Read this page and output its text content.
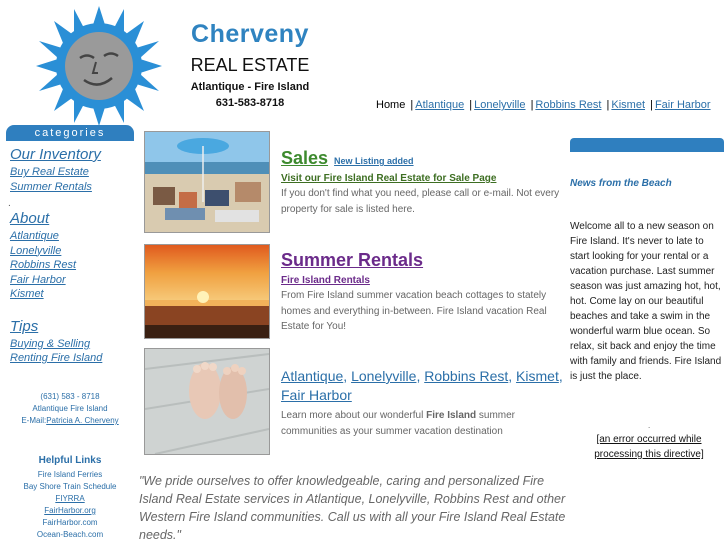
Cherveny
REAL ESTATE
Atlantique - Fire Island
631-583-8718	Home | Atlantique | Lonelyville | Robbins Rest | Kismet | Fair Harbor
categories
Our Inventory
Buy Real Estate
Summer Rentals
.
About
Atlantique
Lonelyville
Robbins Rest
Fair Harbor
Kismet
Tips
Buying & Selling
Renting Fire Island
(631) 583 - 8718
Atlantique Fire Island
E-Mail:Patricia A. Cherveny
Helpful Links
Fire Island Ferries
Bay Shore Train Schedule
FIYRRA
FairHarbor.org
FairHarbor.com
Ocean-Beach.com
Sales New Listing added
Visit our Fire Island Real Estate for Sale Page
If you don't find what you need, please call or e-mail. Not every property for sale is listed here.
Summer Rentals
Fire Island Rentals
From Fire Island summer vacation beach cottages to stately homes and everything in-between. Fire Island vacation Real Estate for You!
Atlantique, Lonelyville, Robbins Rest, Kismet, Fair Harbor
Learn more about our wonderful Fire Island summer communities as your summer vacation destination
"We pride ourselves to offer knowledgeable, caring and personalized Fire Island Real Estate services in Atlantique, Lonelyville, Robbins Rest and other Western Fire Island communities. Call us with all your Fire Island Real Estate needs."
News from the Beach
Welcome all to a new season on Fire Island. It's never to late to start looking for your rental or a vacation purchase. Last summer season was just amazing hot, hot, hot. Come lay on our beautiful beaches and take a swim in the wonderful warm blue ocean. So relax, sit back and enjoy the time with family and friends. Fire Island is just the place.
.
[an error occurred while processing this directive]
